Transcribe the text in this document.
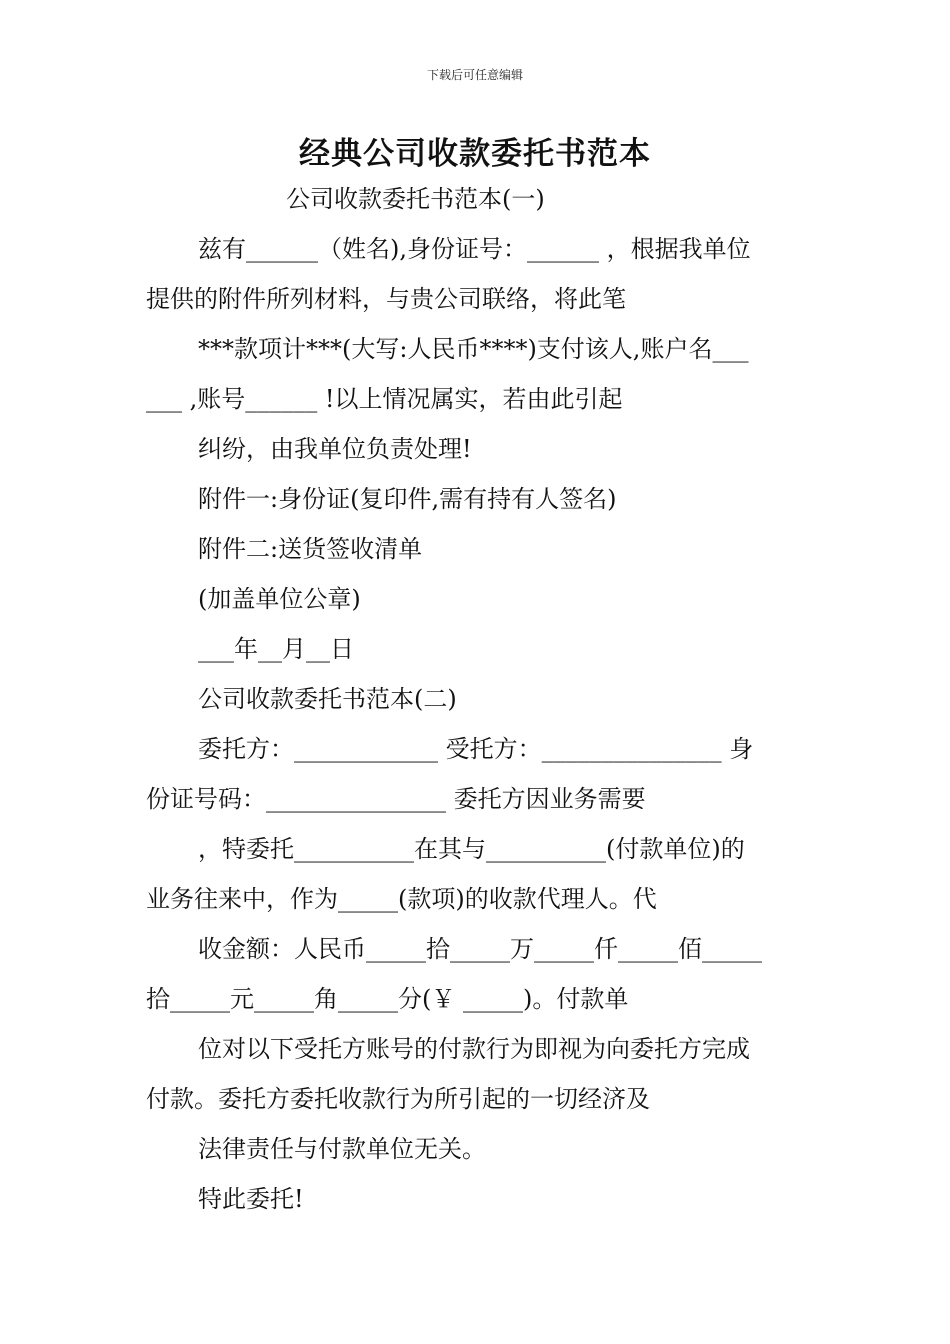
下载后可任意编辑
经典公司收款委托书范本
公司收款委托书范本(一)
兹有______（姓名),身份证号：______ ，根据我单位
提供的附件所列材料，与贵公司联络，将此笔
***款项计***(大写:人民币****)支付该人,账户名___
___ ,账号______ !以上情况属实，若由此引起
纠纷，由我单位负责处理!
附件一:身份证(复印件,需有持有人签名)
附件二:送货签收清单
(加盖单位公章)
___年__月__日
公司收款委托书范本(二)
委托方：____________ 受托方：_______________ 身
份证号码：_______________ 委托方因业务需要
，特委托__________在其与__________(付款单位)的
业务往来中，作为_____(款项)的收款代理人。代
收金额：人民币_____拾_____万_____仟_____佰_____
拾_____元_____角_____分(￥ _____)。付款单
位对以下受托方账号的付款行为即视为向委托方完成
付款。委托方委托收款行为所引起的一切经济及
法律责任与付款单位无关。
特此委托!
